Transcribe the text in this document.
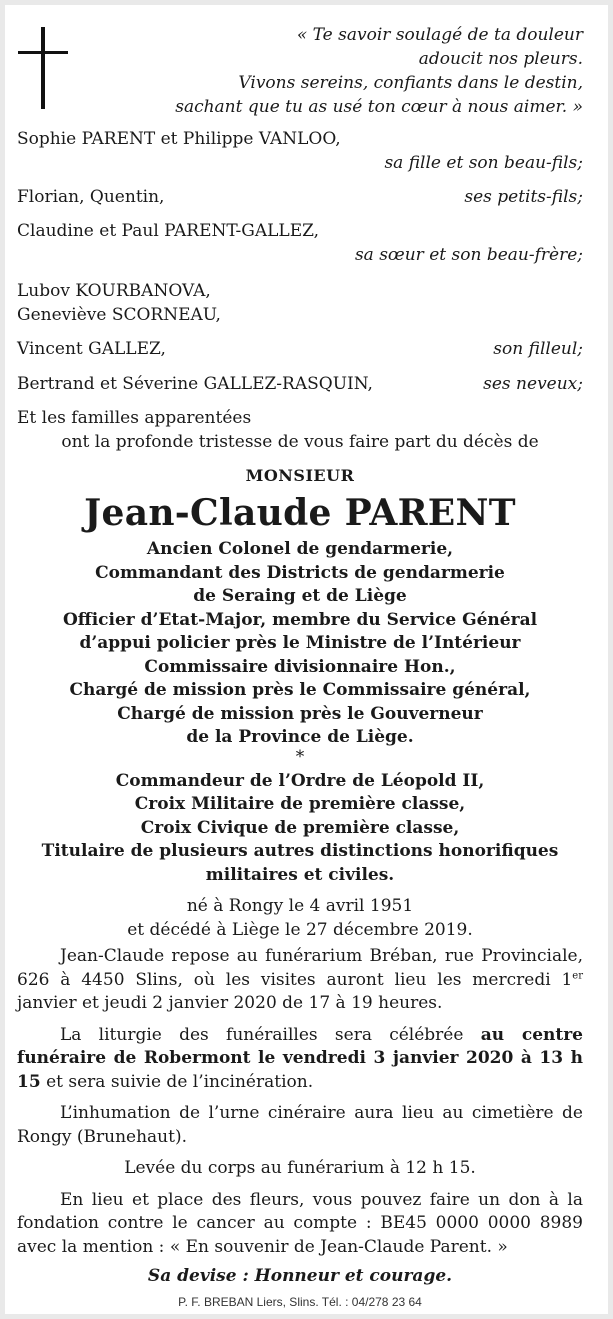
« Te savoir soulagé de ta douleur
adoucit nos pleurs.
Vivons sereins, confiants dans le destin,
sachant que tu as usé ton cœur à nous aimer. »
Sophie PARENT et Philippe VANLOO,
sa fille et son beau-fils;
Florian, Quentin,	ses petits-fils;
Claudine et Paul PARENT-GALLEZ,
sa sœur et son beau-frère;
Lubov KOURBANOVA,
Geneviève SCORNEAU,
Vincent GALLEZ,	son filleul;
Bertrand et Séverine GALLEZ-RASQUIN,	ses neveux;
Et les familles apparentées
ont la profonde tristesse de vous faire part du décès de
MONSIEUR
Jean-Claude PARENT
Ancien Colonel de gendarmerie,
Commandant des Districts de gendarmerie
de Seraing et de Liège
Officier d’Etat-Major, membre du Service Général
d’appui policier près le Ministre de l’Intérieur
Commissaire divisionnaire Hon.,
Chargé de mission près le Commissaire général,
Chargé de mission près le Gouverneur
de la Province de Liège.
*
Commandeur de l’Ordre de Léopold II,
Croix Militaire de première classe,
Croix Civique de première classe,
Titulaire de plusieurs autres distinctions honorifiques
militaires et civiles.
né à Rongy le 4 avril 1951
et décédé à Liège le 27 décembre 2019.
Jean-Claude repose au funérarium Bréban, rue Provinciale, 626 à 4450 Slins, où les visites auront lieu les mercredi 1er janvier et jeudi 2 janvier 2020 de 17 à 19 heures.
La liturgie des funérailles sera célébrée au centre funéraire de Robermont le vendredi 3 janvier 2020 à 13 h 15 et sera suivie de l’incinération.
L’inhumation de l’urne cinéraire aura lieu au cimetière de Rongy (Brunehaut).
Levée du corps au funérarium à 12 h 15.
En lieu et place des fleurs, vous pouvez faire un don à la fondation contre le cancer au compte : BE45 0000 0000 8989 avec la mention : « En souvenir de Jean-Claude Parent. »
Sa devise : Honneur et courage.
P. F. BREBAN Liers, Slins. Tél. : 04/278 23 64
